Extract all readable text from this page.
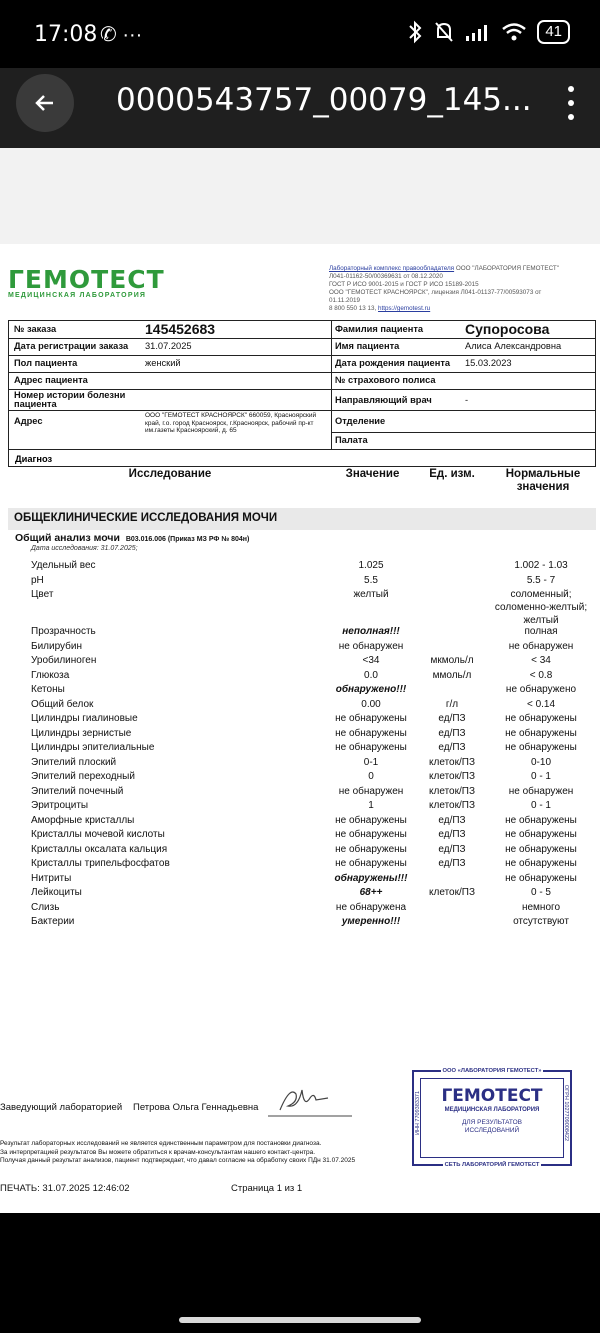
17:08 ✆ ···	41
0000543757_00079_145...
ГЕМОТЕСТ
МЕДИЦИНСКАЯ ЛАБОРАТОРИЯ
Лабораторный комплекс правообладателя ООО "ЛАБОРАТОРИЯ ГЕМОТЕСТ"
Л041-01162-50/00369631 от 08.12.2020
ГОСТ Р ИСО 9001-2015 и ГОСТ Р ИСО 15189-2015
ООО "ГЕМОТЕСТ КРАСНОЯРСК", лицензия Л041-01137-77/00593073 от
01.11.2019
8 800 550 13 13, https://gemotest.ru
№ заказа	145452683
Дата регистрации заказа 31.07.2025
Пол пациента	женский
Адрес пациента
Номер истории болезни пациента
Адрес
ООО "ГЕМОТЕСТ КРАСНОЯРСК" 660059, Красноярский край, г.о. город Красноярск, г.Красноярск, рабочий пр-кт им.газеты Красноярский, д. 65
Фамилия пациента	Супоросова
Имя пациента	Алиса Александровна
Дата рождения пациента 15.03.2023
№ страхового полиса
Направляющий врач	-
Отделение
Палата
Диагноз
Исследование	Значение	Ед. изм.	Нормальные
значения
ОБЩЕКЛИНИЧЕСКИЕ ИССЛЕДОВАНИЯ МОЧИ
Общий анализ мочи В03.016.006 (Приказ МЗ РФ № 804н)
Дата исследования: 31.07.2025;
Удельный вес	1.025	1.002 - 1.03
pH	5.5	5.5 - 7
Цвет	желтый	соломенный; соломенно-желтый; желтый
Прозрачность	неполная!!!	полная
Билирубин	не обнаружен	не обнаружен
Уробилиноген	<34	мкмоль/л	< 34
Глюкоза	0.0	ммоль/л	< 0.8
Кетоны	обнаружено!!!	не обнаружено
Общий белок	0.00	г/л	< 0.14
Цилиндры гиалиновые	не обнаружены	ед/ПЗ	не обнаружены
Цилиндры зернистые	не обнаружены	ед/ПЗ	не обнаружены
Цилиндры эпителиальные	не обнаружены	ед/ПЗ	не обнаружены
Эпителий плоский	0-1	клеток/ПЗ	0-10
Эпителий переходный	0	клеток/ПЗ	0 - 1
Эпителий почечный	не обнаружен	клеток/ПЗ	не обнаружен
Эритроциты	1	клеток/ПЗ	0 - 1
Аморфные кристаллы	не обнаружены	ед/ПЗ	не обнаружены
Кристаллы мочевой кислоты	не обнаружены	ед/ПЗ	не обнаружены
Кристаллы оксалата кальция	не обнаружены	ед/ПЗ	не обнаружены
Кристаллы трипельфосфатов	не обнаружены	ед/ПЗ	не обнаружены
Нитриты	обнаружены!!!	не обнаружены
Лейкоциты	68++	клеток/ПЗ	0 - 5
Слизь	не обнаружена	немного
Бактерии	умеренно!!!	отсутствуют
Заведующий лабораторией Петрова Ольга Геннадьевна
ООО «ЛАБОРАТОРИЯ ГЕМОТЕСТ»
ГЕМОТЕСТ
МЕДИЦИНСКАЯ ЛАБОРАТОРИЯ
ДЛЯ РЕЗУЛЬТАТОВ
ИССЛЕДОВАНИЙ
ИНН 7709383371	ОГРН 1027709008422
СЕТЬ ЛАБОРАТОРИЙ ГЕМОТЕСТ
Результат лабораторных исследований не является единственным параметром для постановки диагноза.
За интерпретацией результатов Вы можете обратиться к врачам-консультантам нашего контакт-центра.
Получая данный результат анализов, пациент подтверждает, что давал согласие на обработку своих ПДн 31.07.2025
ПЕЧАТЬ: 31.07.2025 12:46:02	Страница 1 из 1
